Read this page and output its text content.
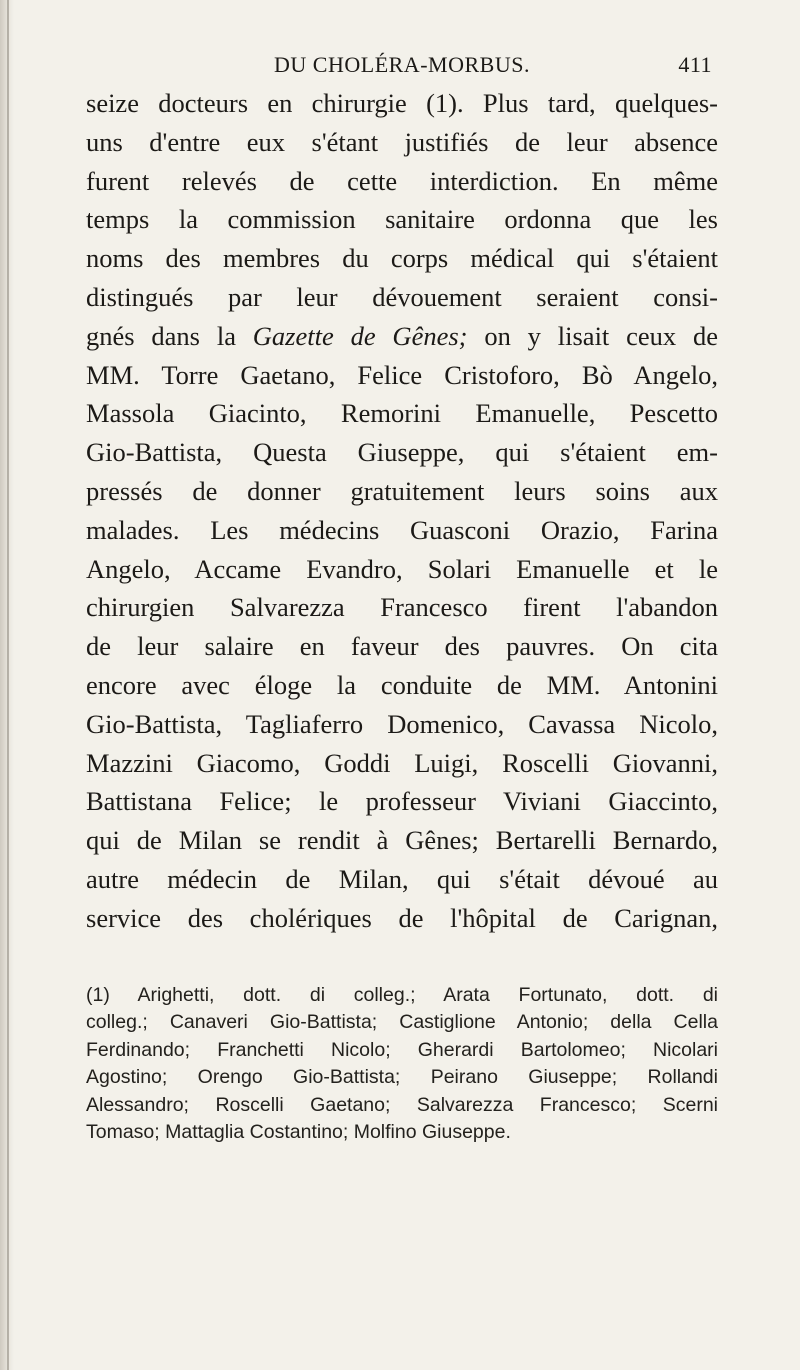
DU CHOLÉRA-MORBUS.	411

seize docteurs en chirurgie (1). Plus tard, quelques-
uns d'entre eux s'étant justifiés de leur absence
furent relevés de cette interdiction. En même
temps la commission sanitaire ordonna que les
noms des membres du corps médical qui s'étaient
distingués par leur dévouement seraient consi-
gnés dans la Gazette de Gênes; on y lisait ceux de
MM. Torre Gaetano, Felice Cristoforo, Bò Angelo,
Massola Giacinto, Remorini Emanuelle, Pescetto
Gio-Battista, Questa Giuseppe, qui s'étaient em-
pressés de donner gratuitement leurs soins aux
malades. Les médecins Guasconi Orazio, Farina
Angelo, Accame Evandro, Solari Emanuelle et le
chirurgien Salvarezza Francesco firent l'abandon
de leur salaire en faveur des pauvres. On cita
encore avec éloge la conduite de MM. Antonini
Gio-Battista, Tagliaferro Domenico, Cavassa Nicolo,
Mazzini Giacomo, Goddi Luigi, Roscelli Giovanni,
Battistana Felice; le professeur Viviani Giaccinto,
qui de Milan se rendit à Gênes; Bertarelli Bernardo,
autre médecin de Milan, qui s'était dévoué au
service des cholériques de l'hôpital de Carignan,

(1) Arighetti, dott. di colleg.; Arata Fortunato, dott. di
colleg.; Canaveri Gio-Battista; Castiglione Antonio; della Cella
Ferdinando; Franchetti Nicolo; Gherardi Bartolomeo; Nicolari
Agostino; Orengo Gio-Battista; Peirano Giuseppe; Rollandi
Alessandro; Roscelli Gaetano; Salvarezza Francesco; Scerni
Tomaso; Mattaglia Costantino; Molfino Giuseppe.
